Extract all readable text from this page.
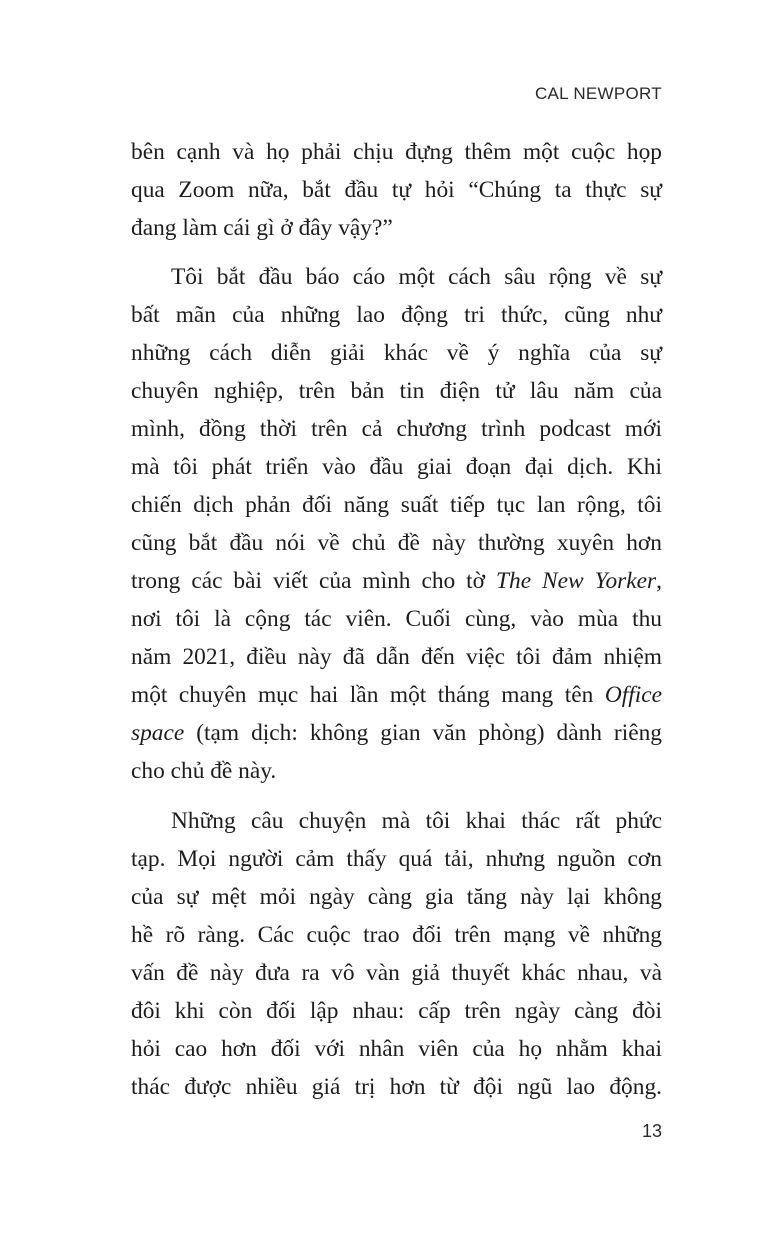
CAL NEWPORT
bên cạnh và họ phải chịu đựng thêm một cuộc họp
qua Zoom nữa, bắt đầu tự hỏi “Chúng ta thực sự
đang làm cái gì ở đây vậy?”
Tôi bắt đầu báo cáo một cách sâu rộng về sự
bất mãn của những lao động tri thức, cũng như
những cách diễn giải khác về ý nghĩa của sự
chuyên nghiệp, trên bản tin điện tử lâu năm của
mình, đồng thời trên cả chương trình podcast mới
mà tôi phát triển vào đầu giai đoạn đại dịch. Khi
chiến dịch phản đối năng suất tiếp tục lan rộng, tôi
cũng bắt đầu nói về chủ đề này thường xuyên hơn
trong các bài viết của mình cho tờ The New Yorker,
nơi tôi là cộng tác viên. Cuối cùng, vào mùa thu
năm 2021, điều này đã dẫn đến việc tôi đảm nhiệm
một chuyên mục hai lần một tháng mang tên Office
space (tạm dịch: không gian văn phòng) dành riêng
cho chủ đề này.
Những câu chuyện mà tôi khai thác rất phức
tạp. Mọi người cảm thấy quá tải, nhưng nguồn cơn
của sự mệt mỏi ngày càng gia tăng này lại không
hề rõ ràng. Các cuộc trao đổi trên mạng về những
vấn đề này đưa ra vô vàn giả thuyết khác nhau, và
đôi khi còn đối lập nhau: cấp trên ngày càng đòi
hỏi cao hơn đối với nhân viên của họ nhằm khai
thác được nhiều giá trị hơn từ đội ngũ lao động.
13
